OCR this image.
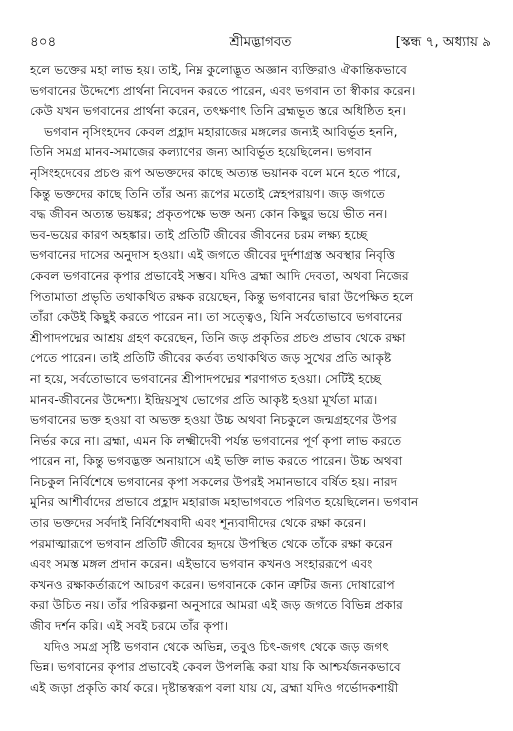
৪০৪	শ্রীমদ্ভাগবত	[স্কন্ধ ৭, অধ্যায় ৯
হলে ভক্তের মহা লাভ হয়। তাই, নিম্ন কুলোদ্ভূত অজ্ঞান ব্যক্তিরাও ঐকান্তিকভাবে
ভগবানের উদ্দেশ্যে প্রার্থনা নিবেদন করতে পারেন, এবং ভগবান তা স্বীকার করেন।
কেউ যখন ভগবানের প্রার্থনা করেন, তৎক্ষণাৎ তিনি ব্রহ্মভূত স্তরে অধিষ্ঠিত হন।
ভগবান নৃসিংহদেব কেবল প্রহ্লাদ মহারাজের মঙ্গলের জন্যই আবির্ভূত হননি,
তিনি সমগ্র মানব-সমাজের কল্যাণের জন্য আবির্ভূত হয়েছিলেন। ভগবান
নৃসিংহদেবের প্রচণ্ড রূপ অভক্তদের কাছে অত্যন্ত ভয়ানক বলে মনে হতে পারে,
কিন্তু ভক্তদের কাছে তিনি তাঁর অন্য রূপের মতোই স্নেহপরায়ণ। জড় জগতে
বদ্ধ জীবন অত্যন্ত ভয়ঙ্কর; প্রকৃতপক্ষে ভক্ত অন্য কোন কিছুর ভয়ে ভীত নন।
ভব-ভয়ের কারণ অহঙ্কার। তাই প্রতিটি জীবের জীবনের চরম লক্ষ্য হচ্ছে
ভগবানের দাসের অনুদাস হওয়া। এই জগতে জীবের দুর্দশাগ্রস্ত অবস্থার নিবৃত্তি
কেবল ভগবানের কৃপার প্রভাবেই সম্ভব। যদিও ব্রহ্মা আদি দেবতা, অথবা নিজের
পিতামাতা প্রভৃতি তথাকথিত রক্ষক রয়েছেন, কিন্তু ভগবানের দ্বারা উপেক্ষিত হলে
তাঁরা কেউই কিছুই করতে পারেন না। তা সত্ত্বেও, যিনি সর্বতোভাবে ভগবানের
শ্রীপাদপদ্মের আশ্রয় গ্রহণ করেছেন, তিনি জড় প্রকৃতির প্রচণ্ড প্রভাব থেকে রক্ষা
পেতে পারেন। তাই প্রতিটি জীবের কর্তব্য তথাকথিত জড় সুখের প্রতি আকৃষ্ট
না হয়ে, সর্বতোভাবে ভগবানের শ্রীপাদপদ্মের শরণাগত হওয়া। সেটিই হচ্ছে
মানব-জীবনের উদ্দেশ্য। ইন্দ্রিয়সুখ ভোগের প্রতি আকৃষ্ট হওয়া মূর্খতা মাত্র।
ভগবানের ভক্ত হওয়া বা অভক্ত হওয়া উচ্চ অথবা নিচকুলে জন্মগ্রহণের উপর
নির্ভর করে না। ব্রহ্মা, এমন কি লক্ষ্মীদেবী পর্যন্ত ভগবানের পূর্ণ কৃপা লাভ করতে
পারেন না, কিন্তু ভগবদ্ভক্ত অনায়াসে এই ভক্তি লাভ করতে পারেন। উচ্চ অথবা
নিচকুল নির্বিশেষে ভগবানের কৃপা সকলের উপরই সমানভাবে বর্ষিত হয়। নারদ
মুনির আশীর্বাদের প্রভাবে প্রহ্লাদ মহারাজ মহাভাগবতে পরিণত হয়েছিলেন। ভগবান
তার ভক্তদের সর্বদাই নির্বিশেষবাদী এবং শূন্যবাদীদের থেকে রক্ষা করেন।
পরমাত্মারূপে ভগবান প্রতিটি জীবের হৃদয়ে উপস্থিত থেকে তাঁকে রক্ষা করেন
এবং সমস্ত মঙ্গল প্রদান করেন। এইভাবে ভগবান কখনও সংহাররূপে এবং
কখনও রক্ষাকর্তারূপে আচরণ করেন। ভগবানকে কোন ত্রুটির জন্য দোষারোপ
করা উচিত নয়। তাঁর পরিকল্পনা অনুসারে আমরা এই জড় জগতে বিভিন্ন প্রকার
জীব দর্শন করি। এই সবই চরমে তাঁর কৃপা।
যদিও সমগ্র সৃষ্টি ভগবান থেকে অভিন্ন, তবুও চিৎ-জগৎ থেকে জড় জগৎ
ভিন্ন। ভগবানের কৃপার প্রভাবেই কেবল উপলব্ধি করা যায় কি আশ্চর্যজনকভাবে
এই জড়া প্রকৃতি কার্য করে। দৃষ্টান্তস্বরূপ বলা যায় যে, ব্রহ্মা যদিও গর্ভোদকশায়ী
